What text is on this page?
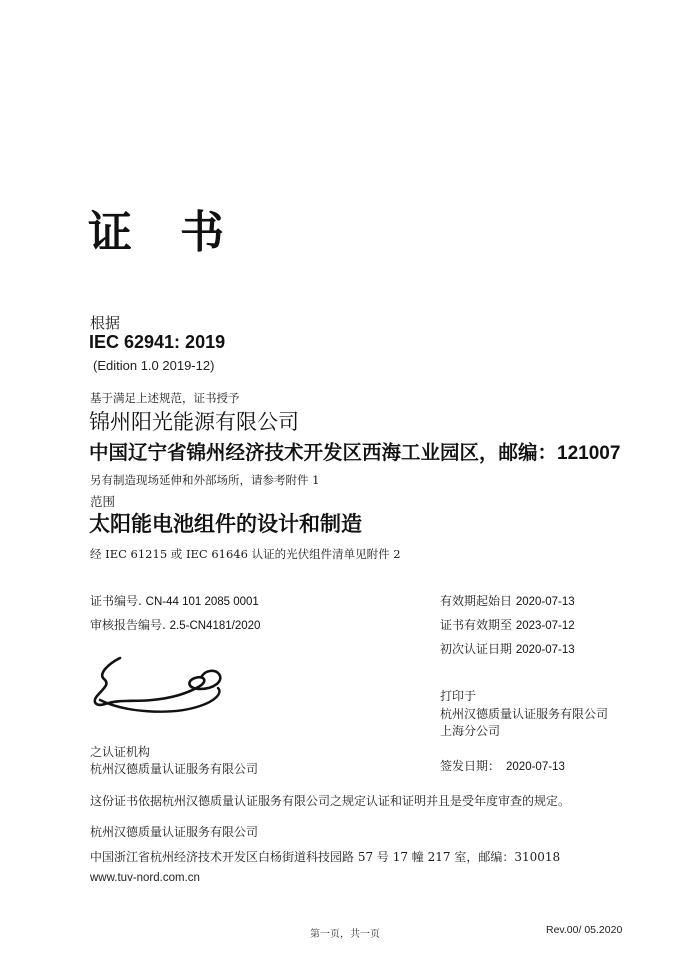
证　书
根据
IEC 62941: 2019
(Edition 1.0 2019-12)
基于满足上述规范，证书授予
锦州阳光能源有限公司
中国辽宁省锦州经济技术开发区西海工业园区，邮编：121007
另有制造现场延伸和外部场所，请参考附件 1
范围
太阳能电池组件的设计和制造
经 IEC 61215 或 IEC 61646 认证的光伏组件清单见附件 2
证书编号. CN-44 101 2085 0001
审核报告编号. 2.5-CN4181/2020
有效期起始日 2020-07-13
证书有效期至 2023-07-12
初次认证日期 2020-07-13
打印于
杭州汉德质量认证服务有限公司
上海分公司
之认证机构
杭州汉德质量认证服务有限公司	签发日期： 2020-07-13
这份证书依据杭州汉德质量认证服务有限公司之规定认证和证明并且是受年度审查的规定。
杭州汉德质量认证服务有限公司
中国浙江省杭州经济技术开发区白杨街道科技园路 57 号 17 幢 217 室，邮编：310018
www.tuv-nord.com.cn
第一页，共一页	Rev.00/ 05.2020
